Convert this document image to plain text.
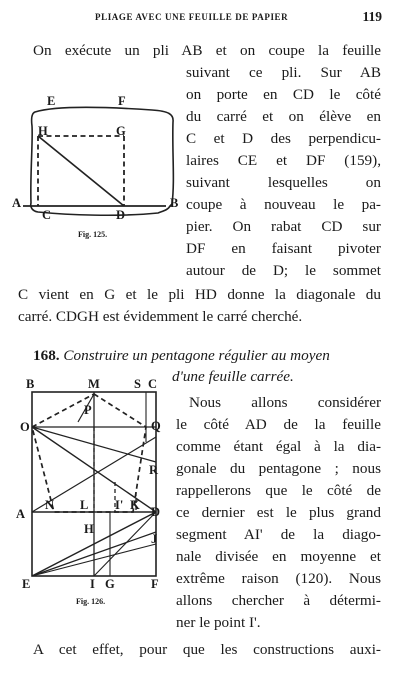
PLIAGE AVEC UNE FEUILLE DE PAPIER	119

On exécute un pli AB et on coupe la feuille

suivant ce pli. Sur AB

on porte en CD le côté

du carré et on élève en

C et D des perpendicu-

laires CE et DF (159),

suivant lesquelles on

coupe à nouveau le pa-

pier. On rabat CD sur

DF en faisant pivoter

autour de D; le sommet

C vient en G et le pli HD donne la diagonale du

carré. CDGH est évidemment le carré cherché.

E	F
H	G
A
C	D
B
Fig. 125.

168. Construire un pentagone régulier au moyen

d'une feuille carrée.

Nous allons considérer

le côté AD de la feuille

comme étant égal à la dia-

gonale du pentagone ; nous

rappellerons que le côté de

ce dernier est le plus grand

segment AI' de la diago-

nale divisée en moyenne et

extrême raison (120). Nous

allons chercher à détermi-

ner le point I'.

A cet effet, pour que les constructions auxi-

B	M	S C
P
O	Q
R
A
N L I' K D
H
J
E	I G	F
Fig. 126.
